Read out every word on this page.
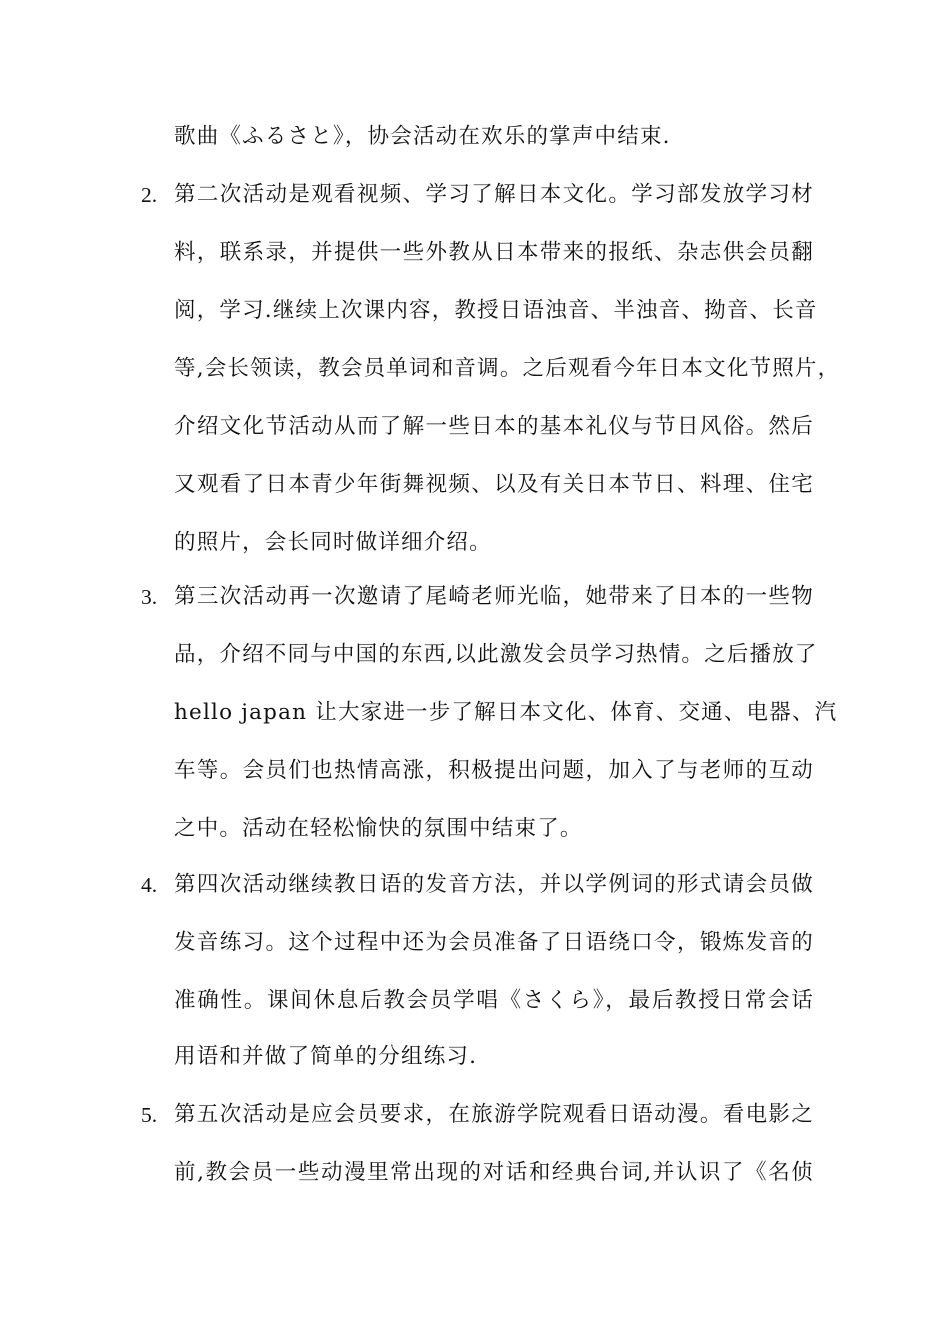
歌曲《ふるさと》，协会活动在欢乐的掌声中结束.
2. 第二次活动是观看视频、学习了解日本文化。学习部发放学习材
料，联系录，并提供一些外教从日本带来的报纸、杂志供会员翻
阅，学习.继续上次课内容，教授日语浊音、半浊音、拗音、长音
等,会长领读，教会员单词和音调。之后观看今年日本文化节照片，
介绍文化节活动从而了解一些日本的基本礼仪与节日风俗。然后
又观看了日本青少年街舞视频、以及有关日本节日、料理、住宅
的照片，会长同时做详细介绍。
3. 第三次活动再一次邀请了尾崎老师光临，她带来了日本的一些物
品，介绍不同与中国的东西,以此激发会员学习热情。之后播放了
hello japan 让大家进一步了解日本文化、体育、交通、电器、汽
车等。会员们也热情高涨，积极提出问题，加入了与老师的互动
之中。活动在轻松愉快的氛围中结束了。
4. 第四次活动继续教日语的发音方法，并以学例词的形式请会员做
发音练习。这个过程中还为会员准备了日语绕口令，锻炼发音的
准确性。课间休息后教会员学唱《さくら》，最后教授日常会话
用语和并做了简单的分组练习.
5. 第五次活动是应会员要求，在旅游学院观看日语动漫。看电影之
前,教会员一些动漫里常出现的对话和经典台词,并认识了《名侦
